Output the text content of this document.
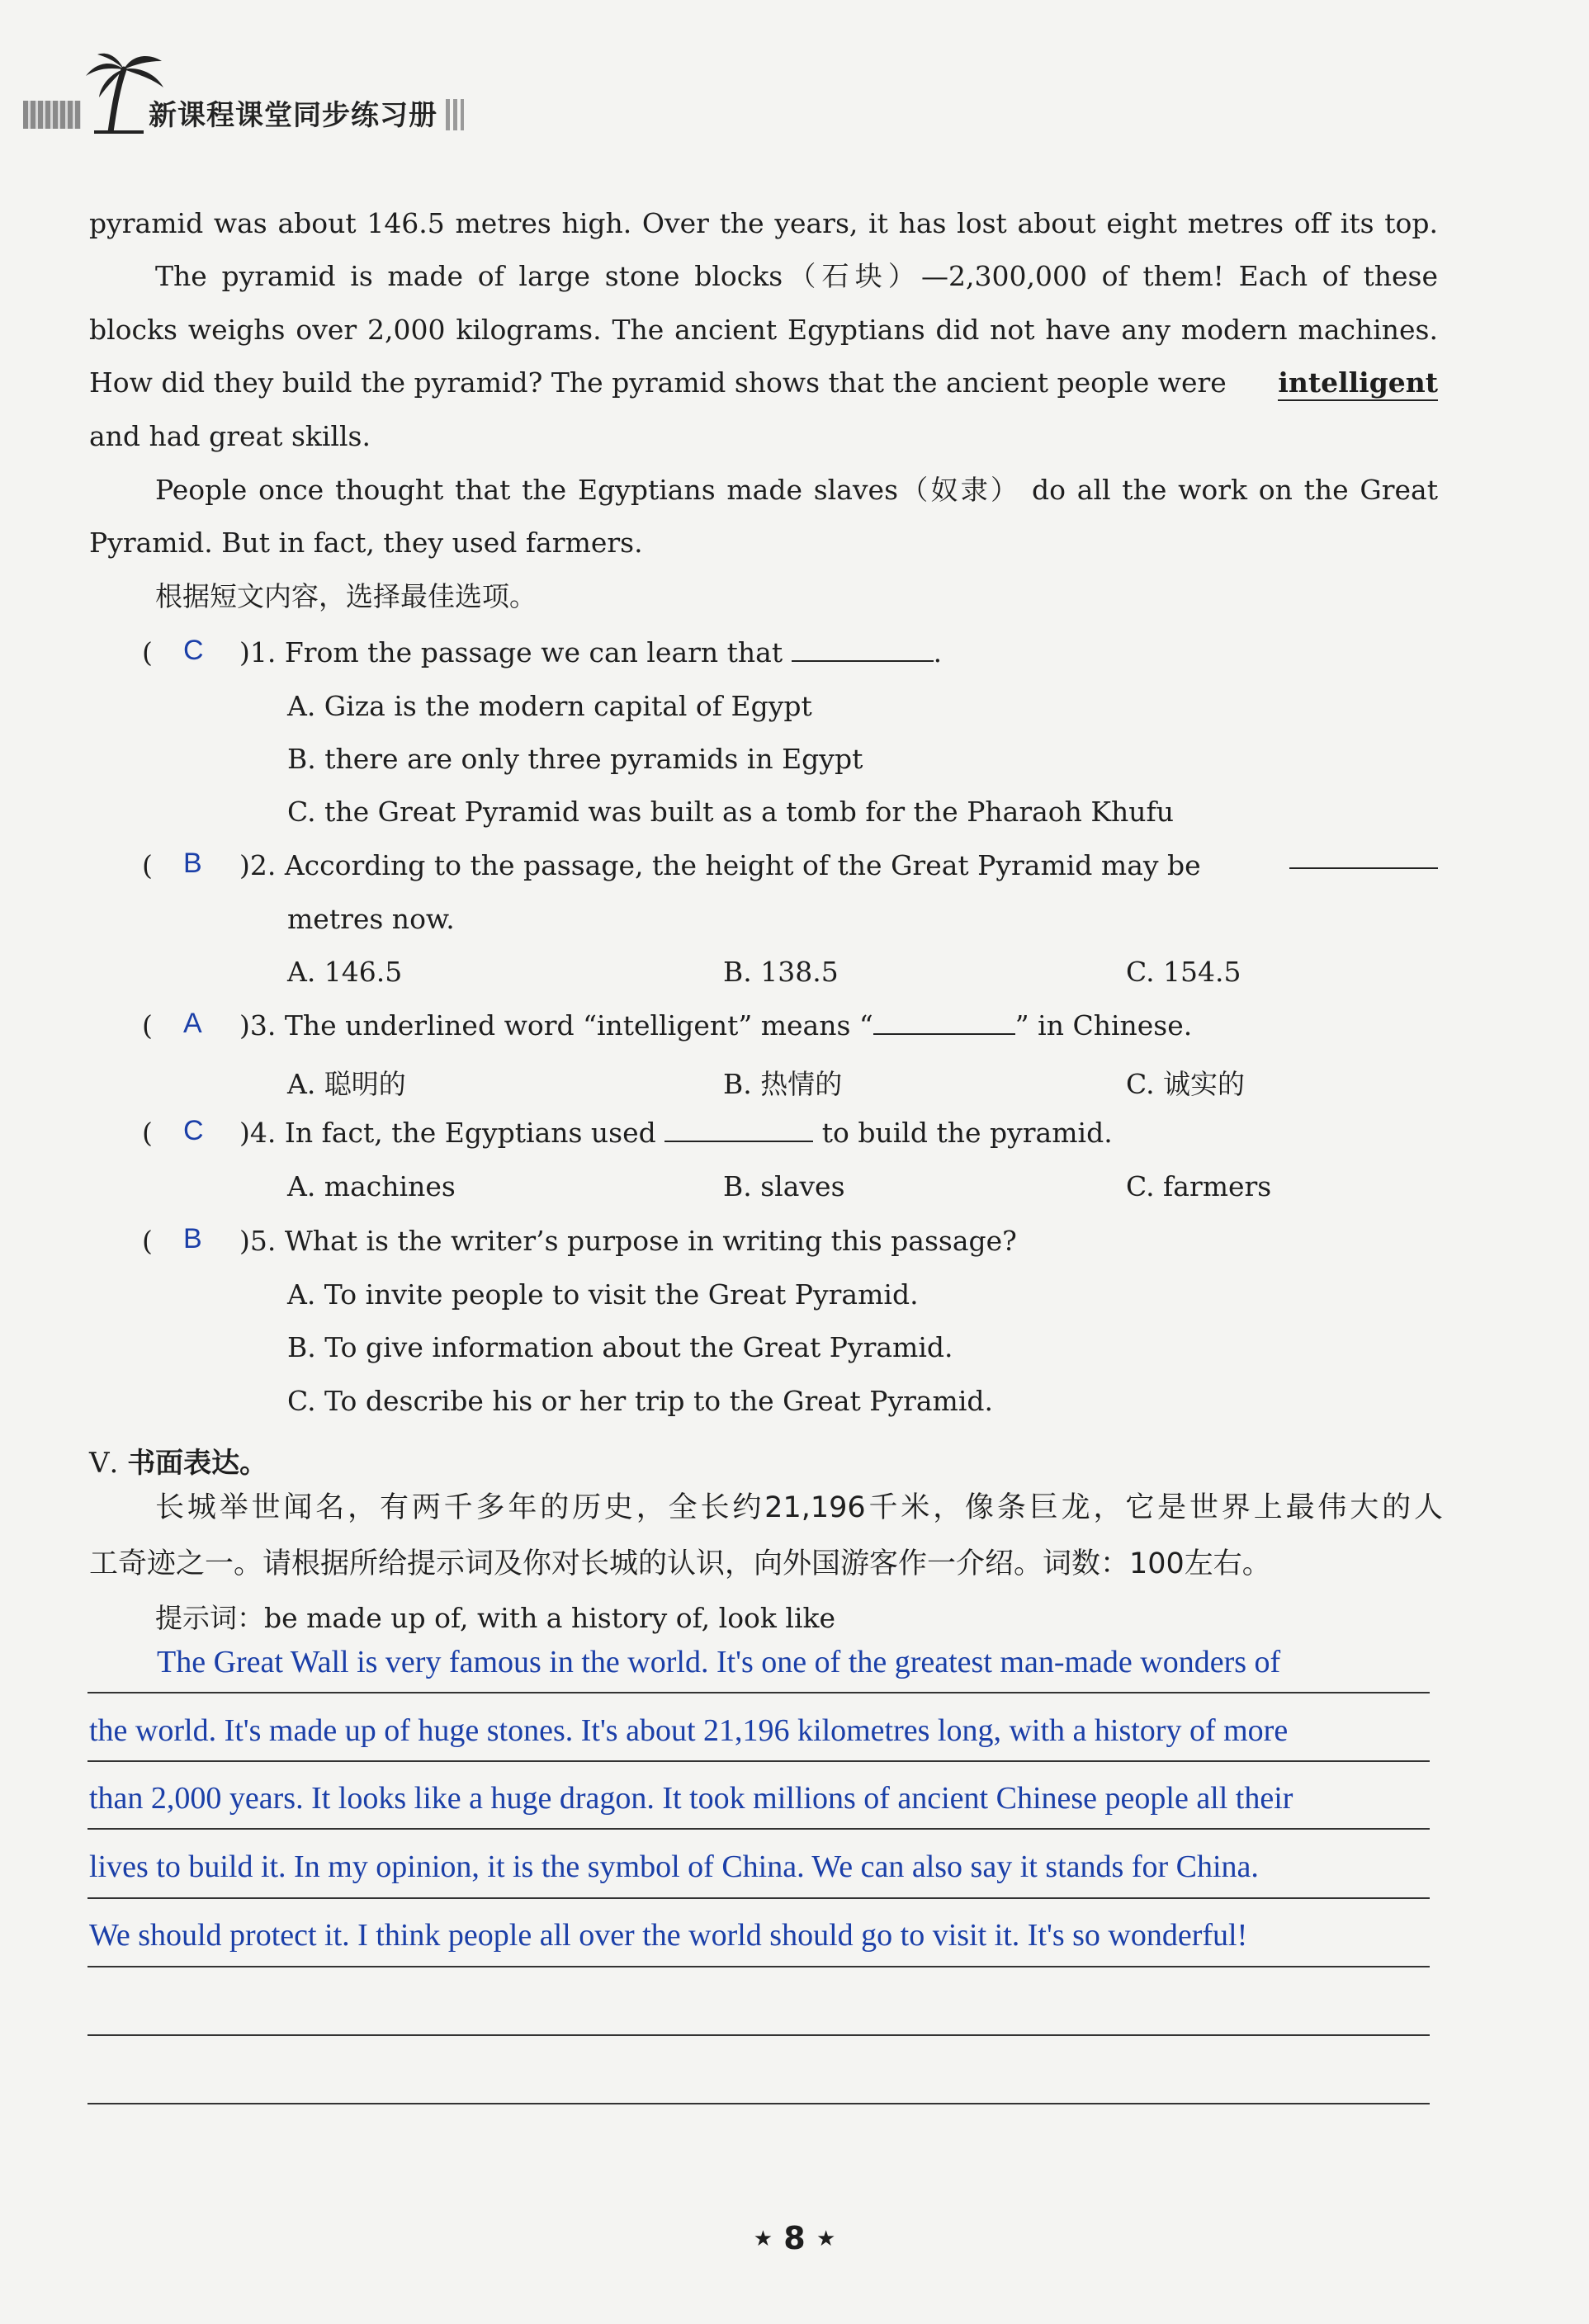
新课程课堂同步练习册
pyramid was about 146.5 metres high. Over the years, it has lost about eight metres off its top.
The pyramid is made of large stone blocks（石块）—2,300,000 of them! Each of these
blocks weighs over 2,000 kilograms. The ancient Egyptians did not have any modern machines.
How did they build the pyramid? The pyramid shows that the ancient people were intelligent
and had great skills.
People once thought that the Egyptians made slaves（奴隶） do all the work on the Great
Pyramid. But in fact, they used farmers.
根据短文内容，选择最佳选项。
( C )1. From the passage we can learn that	.
A. Giza is the modern capital of Egypt
B. there are only three pyramids in Egypt
C. the Great Pyramid was built as a tomb for the Pharaoh Khufu
( B )2. According to the passage, the height of the Great Pyramid may be
metres now.
A. 146.5	B. 138.5	C. 154.5
( A )3. The underlined word “intelligent” means “	” in Chinese.
A. 聪明的	B. 热情的	C. 诚实的
( C )4. In fact, the Egyptians used	to build the pyramid.
A. machines	B. slaves	C. farmers
( B )5. What is the writer’s purpose in writing this passage?
A. To invite people to visit the Great Pyramid.
B. To give information about the Great Pyramid.
C. To describe his or her trip to the Great Pyramid.
Ⅴ. 书面表达。
长城举世闻名，有两千多年的历史，全长约21,196千米，像条巨龙，它是世界上最伟大的人
工奇迹之一。请根据所给提示词及你对长城的认识，向外国游客作一介绍。词数：100左右。
提示词：be made up of, with a history of, look like
The Great Wall is very famous in the world. It's one of the greatest man-made wonders of
the world. It's made up of huge stones. It's about 21,196 kilometres long, with a history of more
than 2,000 years. It looks like a huge dragon. It took millions of ancient Chinese people all their
lives to build it. In my opinion, it is the symbol of China. We can also say it stands for China.
We should protect it. I think people all over the world should go to visit it. It's so wonderful!
★ 8 ★
